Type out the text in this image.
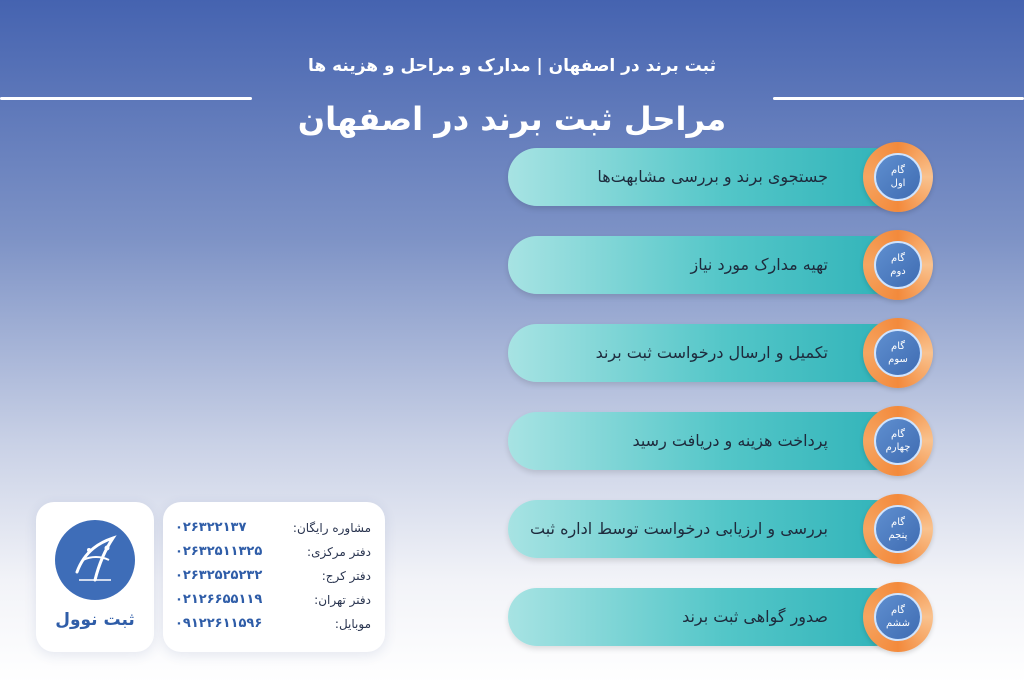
ثبت برند در اصفهان | مدارک و مراحل و هزینه ها
مراحل ثبت برند در اصفهان
جستجوی برند و بررسی مشابهت‌ها	گام
اول
تهیه مدارک مورد نیاز	گام
دوم
تکمیل و ارسال درخواست ثبت برند	گام
سوم
پرداخت هزینه و دریافت رسید	گام
چهارم
بررسی و ارزیابی درخواست توسط اداره ثبت	گام
پنجم
صدور گواهی ثبت برند	گام
ششم
ثبت نوول
مشاوره رایگان:
۰۲۶۳۲۲۱۳۷
دفتر مرکزی:
۰۲۶۳۲۵۱۱۳۲۵
دفتر کرج:
۰۲۶۳۲۵۲۵۲۳۲
دفتر تهران:
۰۲۱۲۶۶۵۵۱۱۹
موبایل:
۰۹۱۲۲۶۱۱۵۹۶
